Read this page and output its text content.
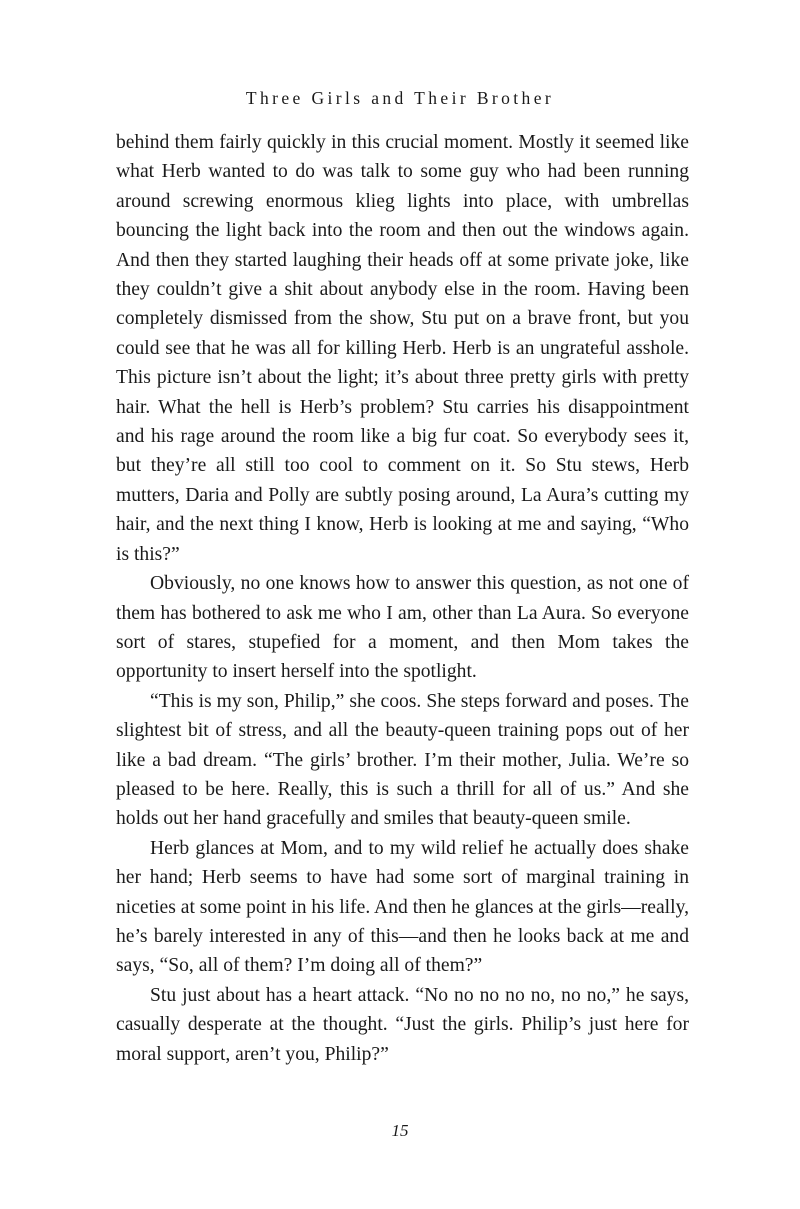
Three Girls and Their Brother

behind them fairly quickly in this crucial moment. Mostly it seemed like what Herb wanted to do was talk to some guy who had been running around screwing enormous klieg lights into place, with umbrellas bouncing the light back into the room and then out the windows again. And then they started laughing their heads off at some private joke, like they couldn’t give a shit about anybody else in the room. Having been completely dismissed from the show, Stu put on a brave front, but you could see that he was all for killing Herb. Herb is an ungrateful asshole. This picture isn’t about the light; it’s about three pretty girls with pretty hair. What the hell is Herb’s problem? Stu carries his disappointment and his rage around the room like a big fur coat. So everybody sees it, but they’re all still too cool to comment on it. So Stu stews, Herb mutters, Daria and Polly are subtly posing around, La Aura’s cutting my hair, and the next thing I know, Herb is looking at me and saying, “Who is this?”

Obviously, no one knows how to answer this question, as not one of them has bothered to ask me who I am, other than La Aura. So everyone sort of stares, stupefied for a moment, and then Mom takes the opportunity to insert herself into the spotlight.

“This is my son, Philip,” she coos. She steps forward and poses. The slightest bit of stress, and all the beauty-queen training pops out of her like a bad dream. “The girls’ brother. I’m their mother, Julia. We’re so pleased to be here. Really, this is such a thrill for all of us.” And she holds out her hand gracefully and smiles that beauty-queen smile.

Herb glances at Mom, and to my wild relief he actually does shake her hand; Herb seems to have had some sort of marginal training in niceties at some point in his life. And then he glances at the girls—really, he’s barely interested in any of this—and then he looks back at me and says, “So, all of them? I’m doing all of them?”

Stu just about has a heart attack. “No no no no no, no no,” he says, casually desperate at the thought. “Just the girls. Philip’s just here for moral support, aren’t you, Philip?”

15
